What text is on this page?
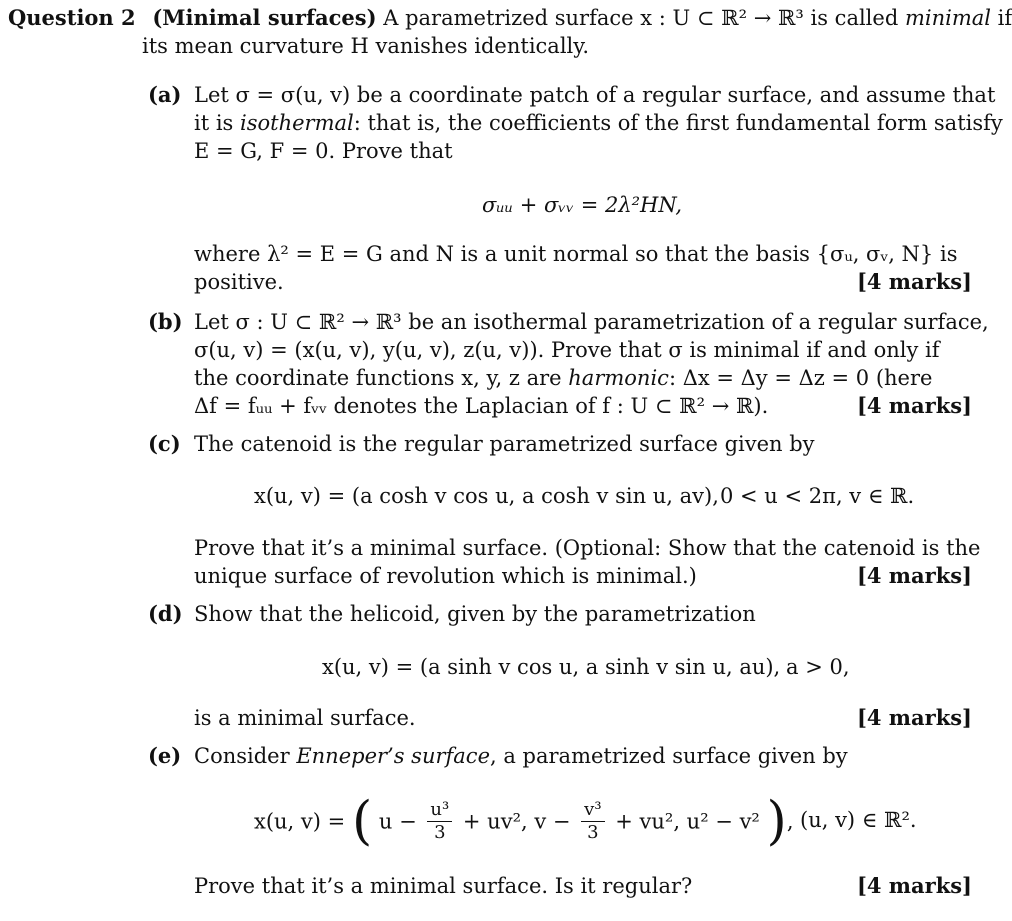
Question 2 (Minimal surfaces) A parametrized surface x : U ⊂ ℝ² → ℝ³ is called minimal if
its mean curvature H vanishes identically.
(a) Let σ = σ(u, v) be a coordinate patch of a regular surface, and assume that
it is isothermal: that is, the coefficients of the first fundamental form satisfy
E = G, F = 0. Prove that
σᵤᵤ + σᵥᵥ = 2λ²HN,
where λ² = E = G and N is a unit normal so that the basis {σᵤ, σᵥ, N} is
positive.	[4 marks]
(b) Let σ : U ⊂ ℝ² → ℝ³ be an isothermal parametrization of a regular surface,
σ(u, v) = (x(u, v), y(u, v), z(u, v)). Prove that σ is minimal if and only if
the coordinate functions x, y, z are harmonic: Δx = Δy = Δz = 0 (here
Δf = fᵤᵤ + fᵥᵥ denotes the Laplacian of f : U ⊂ ℝ² → ℝ).	[4 marks]
(c) The catenoid is the regular parametrized surface given by
x(u, v) = (a cosh v cos u, a cosh v sin u, av), 0 < u < 2π, v ∈ ℝ.
Prove that it’s a minimal surface. (Optional: Show that the catenoid is the
unique surface of revolution which is minimal.)	[4 marks]
(d) Show that the helicoid, given by the parametrization
x(u, v) = (a sinh v cos u, a sinh v sin u, au), a > 0,
is a minimal surface.	[4 marks]
(e) Consider Enneper’s surface, a parametrized surface given by
x(u, v) = ( $u - \frac{\text{u³}}{3} + uv^2$, $v - \frac{\text{v³}}{3} + vu^2$, u² − v² ), (u, v) ∈ ℝ².
Prove that it’s a minimal surface. Is it regular?	[4 marks]
